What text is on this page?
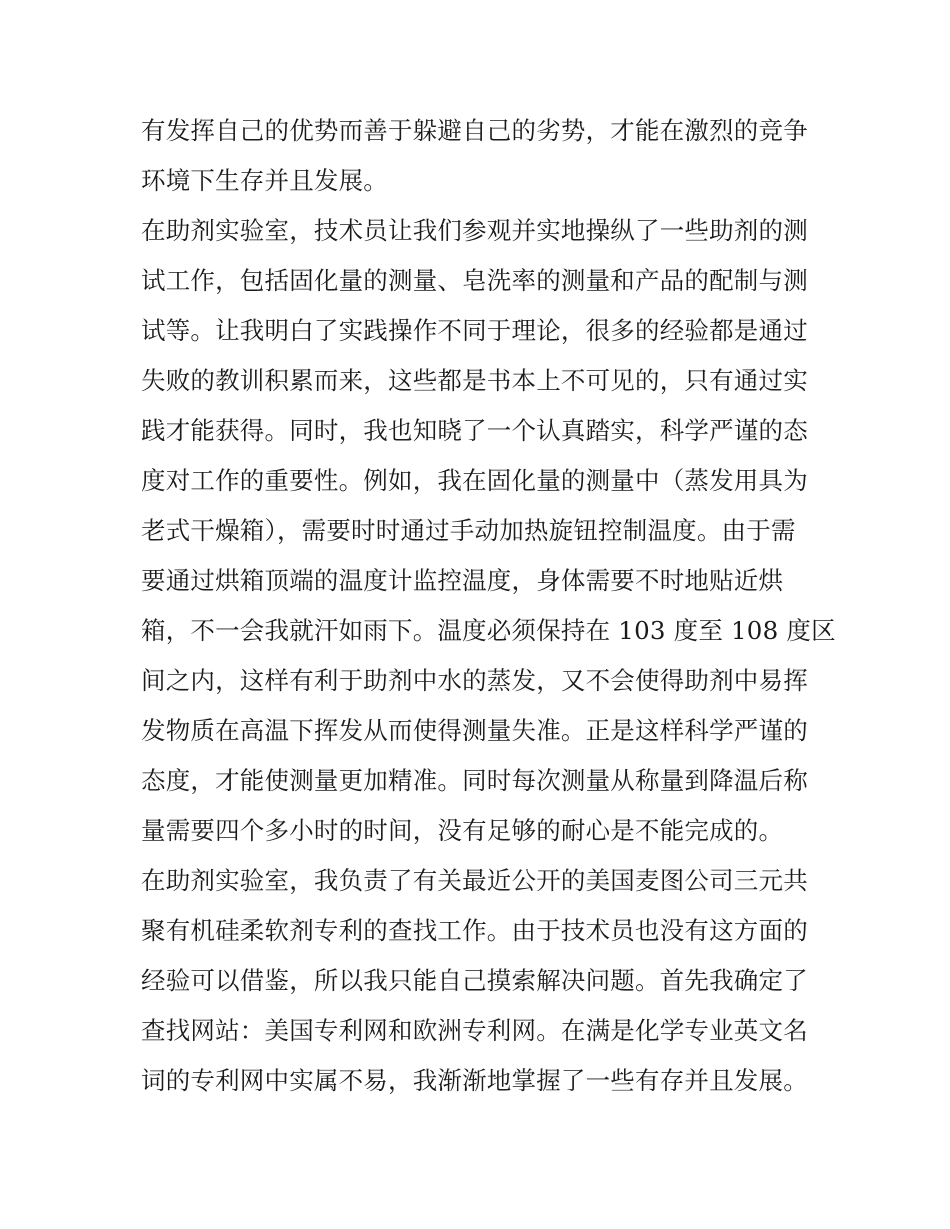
有发挥自己的优势而善于躲避自己的劣势，才能在激烈的竞争
环境下生存并且发展。
在助剂实验室，技术员让我们参观并实地操纵了一些助剂的测
试工作，包括固化量的测量、皂洗率的测量和产品的配制与测
试等。让我明白了实践操作不同于理论，很多的经验都是通过
失败的教训积累而来，这些都是书本上不可见的，只有通过实
践才能获得。同时，我也知晓了一个认真踏实，科学严谨的态
度对工作的重要性。例如，我在固化量的测量中（蒸发用具为
老式干燥箱），需要时时通过手动加热旋钮控制温度。由于需
要通过烘箱顶端的温度计监控温度，身体需要不时地贴近烘
箱，不一会我就汗如雨下。温度必须保持在 103 度至 108 度区
间之内，这样有利于助剂中水的蒸发，又不会使得助剂中易挥
发物质在高温下挥发从而使得测量失准。正是这样科学严谨的
态度，才能使测量更加精准。同时每次测量从称量到降温后称
量需要四个多小时的时间，没有足够的耐心是不能完成的。
在助剂实验室，我负责了有关最近公开的美国麦图公司三元共
聚有机硅柔软剂专利的查找工作。由于技术员也没有这方面的
经验可以借鉴，所以我只能自己摸索解决问题。首先我确定了
查找网站：美国专利网和欧洲专利网。在满是化学专业英文名
词的专利网中实属不易，我渐渐地掌握了一些有存并且发展。
